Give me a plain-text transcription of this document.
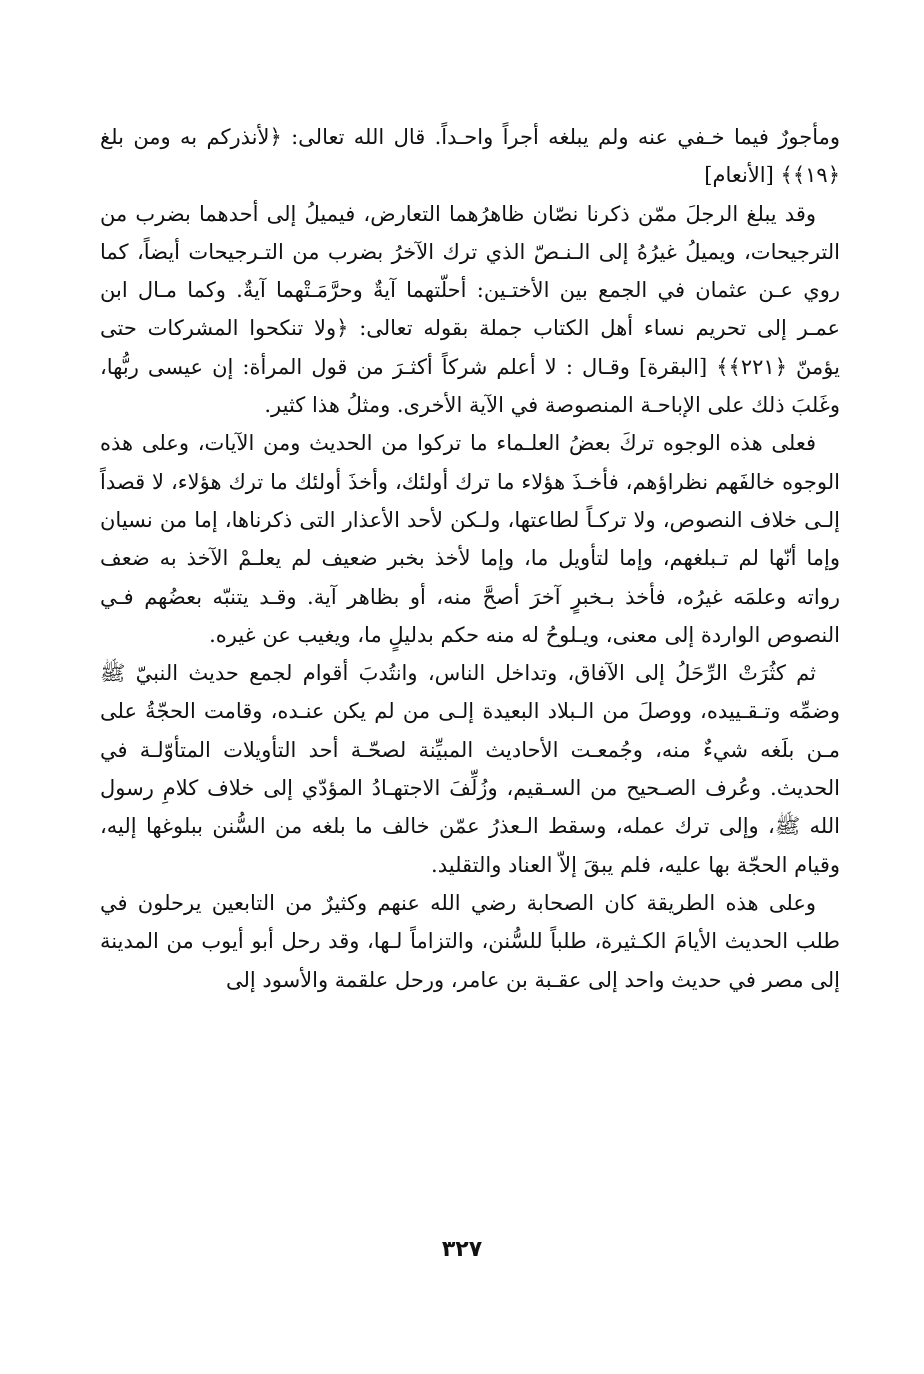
ومأجورٌ فيما خـفي عنه ولم يبلغه أجراً واحـداً. قال الله تعالى: ﴿لأنذركم به ومن بلغ ﴿١٩﴾﴾ [الأنعام]

وقد يبلغ الرجلَ ممّن ذكرنا نصّان ظاهرُهما التعارض، فيميلُ إلى أحدهما بضرب من الترجيحات، ويميلُ غيرُهُ إلى الـنـصّ الذي ترك الآخرُ بضرب من التـرجيحات أيضاً، كما روي عـن عثمان في الجمع بين الأختـين: أحلّتهما آيةٌ وحرَّمَـتْهما آيةٌ. وكما مـال ابن عمـر إلى تحريم نساء أهل الكتاب جملة بقوله تعالى: ﴿ولا تنكحوا المشركات حتى يؤمنّ ﴿٢٢١﴾﴾ [البقرة] وقـال : لا أعلم شركاً أكثـرَ من قول المرأة: إن عيسى ربُّها، وغَلبَ ذلك على الإباحـة المنصوصة في الآية الأخرى. ومثلُ هذا كثير.

فعلى هذه الوجوه تركَ بعضُ العلـماء ما تركوا من الحديث ومن الآيات، وعلى هذه الوجوه خالفَهم نظراؤهم، فأخـذَ هؤلاء ما ترك أولئك، وأخذَ أولئك ما ترك هؤلاء، لا قصداً إلـى خلاف النصوص، ولا تركـاً لطاعتها، ولـكن لأحد الأعذار التى ذكرناها، إما من نسيان وإما أنّها لم تـبلغهم، وإما لتأويل ما، وإما لأخذ بخبر ضعيف لم يعلـمْ الآخذ به ضعف رواته وعلمَه غيرُه، فأخذ بـخبرٍ آخرَ أصحَّ منه، أو بظاهر آية. وقـد يتنبّه بعضُهم فـي النصوص الواردة إلى معنى، ويـلوحُ له منه حكم بدليلٍ ما، ويغيب عن غيره.

ثم كثُرَتْ الرِّحَلُ إلى الآفاق، وتداخل الناس، وانتُدبَ أقوام لجمع حديث النبيّ ﷺ وضمِّه وتـقـييده، ووصلَ من الـبلاد البعيدة إلـى من لم يكن عنـده، وقامت الحجّةُ على مـن بلَغه شيءٌ منه، وجُمعـت الأحاديث المبيِّنة لصحّـة أحد التأويلات المتأوّلـة في الحديث. وعُرف الصـحيح من السـقيم، وزُلِّفَ الاجتهـادُ المؤدّي إلى خلاف كلامِ رسول الله ﷺ، وإلى ترك عمله، وسقط الـعذرُ عمّن خالف ما بلغه من السُّنن ببلوغها إليه، وقيام الحجّة بها عليه، فلم يبقَ إلاّ العناد والتقليد.

وعلى هذه الطريقة كان الصحابة رضي الله عنهم وكثيرٌ من التابعين يرحلون في طلب الحديث الأيامَ الكـثيرة، طلباً للسُّنن، والتزاماً لـها، وقد رحل أبو أيوب من المدينة إلى مصر في حديث واحد إلى عقـبة بن عامر، ورحل علقمة والأسود إلى

٣٢٧
